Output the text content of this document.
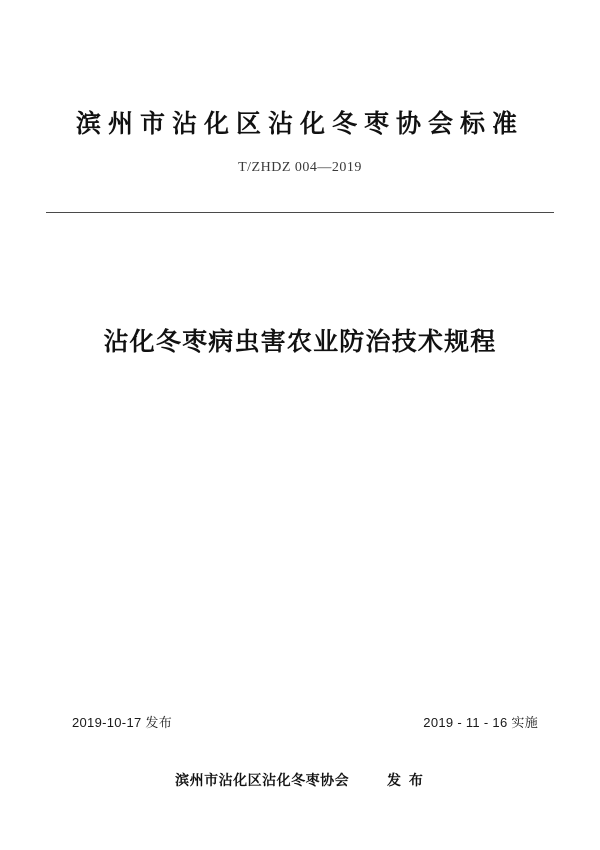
滨州市沾化区沾化冬枣协会标准
T/ZHDZ 004—2019
沾化冬枣病虫害农业防治技术规程
2019-10-17 发布	2019 - 11 - 16 实施
滨州市沾化区沾化冬枣协会	发 布
